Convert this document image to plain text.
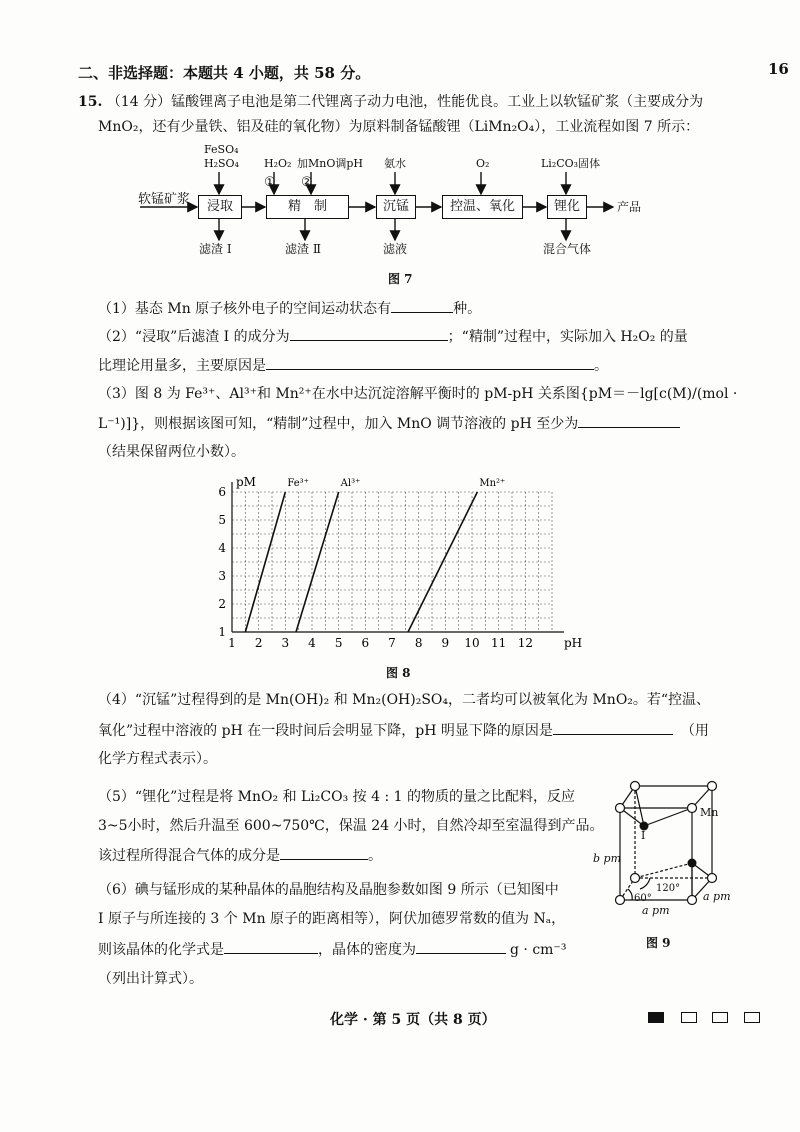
16
二、非选择题：本题共 4 小题，共 58 分。
15. （14 分）锰酸锂离子电池是第二代锂离子动力电池，性能优良。工业上以软锰矿浆（主要成分为
MnO₂，还有少量铁、铝及硅的氧化物）为原料制备锰酸锂（LiMn₂O₄），工业流程如图 7 所示：
软锰矿浆	浸取	精　制	沉锰	控温、氧化	锂化	产品
FeSO₄
H₂SO₄ H₂O₂ 加MnO调pH
① ②
氨水	O₂	Li₂CO₃固体
滤渣 Ⅰ	滤渣 Ⅱ	滤液	混合气体
图 7
（1）基态 Mn 原子核外电子的空间运动状态有	种。
（2）“浸取”后滤渣 Ⅰ 的成分为	；“精制”过程中，实际加入 H₂O₂ 的量
比理论用量多，主要原因是	。
（3）图 8 为 Fe³⁺、Al³⁺和 Mn²⁺在水中达沉淀溶解平衡时的 pM-pH 关系图{pM＝－lg[c(M)/(mol ·
L⁻¹)]}，则根据该图可知，“精制”过程中，加入 MnO 调节溶液的 pH 至少为
（结果保留两位小数）。
1 2 3 4 5 6 7 8 9 10 11 12
1
2
3
4
5
6
Fe³⁺	Al³⁺	Mn²⁺
pM
pH
图 8
（4）“沉锰”过程得到的是 Mn(OH)₂ 和 Mn₂(OH)₂SO₄，二者均可以被氧化为 MnO₂。若“控温、
氧化”过程中溶液的 pH 在一段时间后会明显下降，pH 明显下降的原因是	（用
化学方程式表示）。
（5）“锂化”过程是将 MnO₂ 和 Li₂CO₃ 按 4 : 1 的物质的量之比配料，反应
3~5小时，然后升温至 600~750℃，保温 24 小时，自然冷却至室温得到产品。
该过程所得混合气体的成分是	。
（6）碘与锰形成的某种晶体的晶胞结构及晶胞参数如图 9 所示（已知图中
I 原子与所连接的 3 个 Mn 原子的距离相等），阿伏加德罗常数的值为 Nₐ，
则该晶体的化学式是	，晶体的密度为	g · cm⁻³
（列出计算式）。
Mn
I
b pm
60°
120°
a pm
a pm
图 9
化学 · 第 5 页（共 8 页）
